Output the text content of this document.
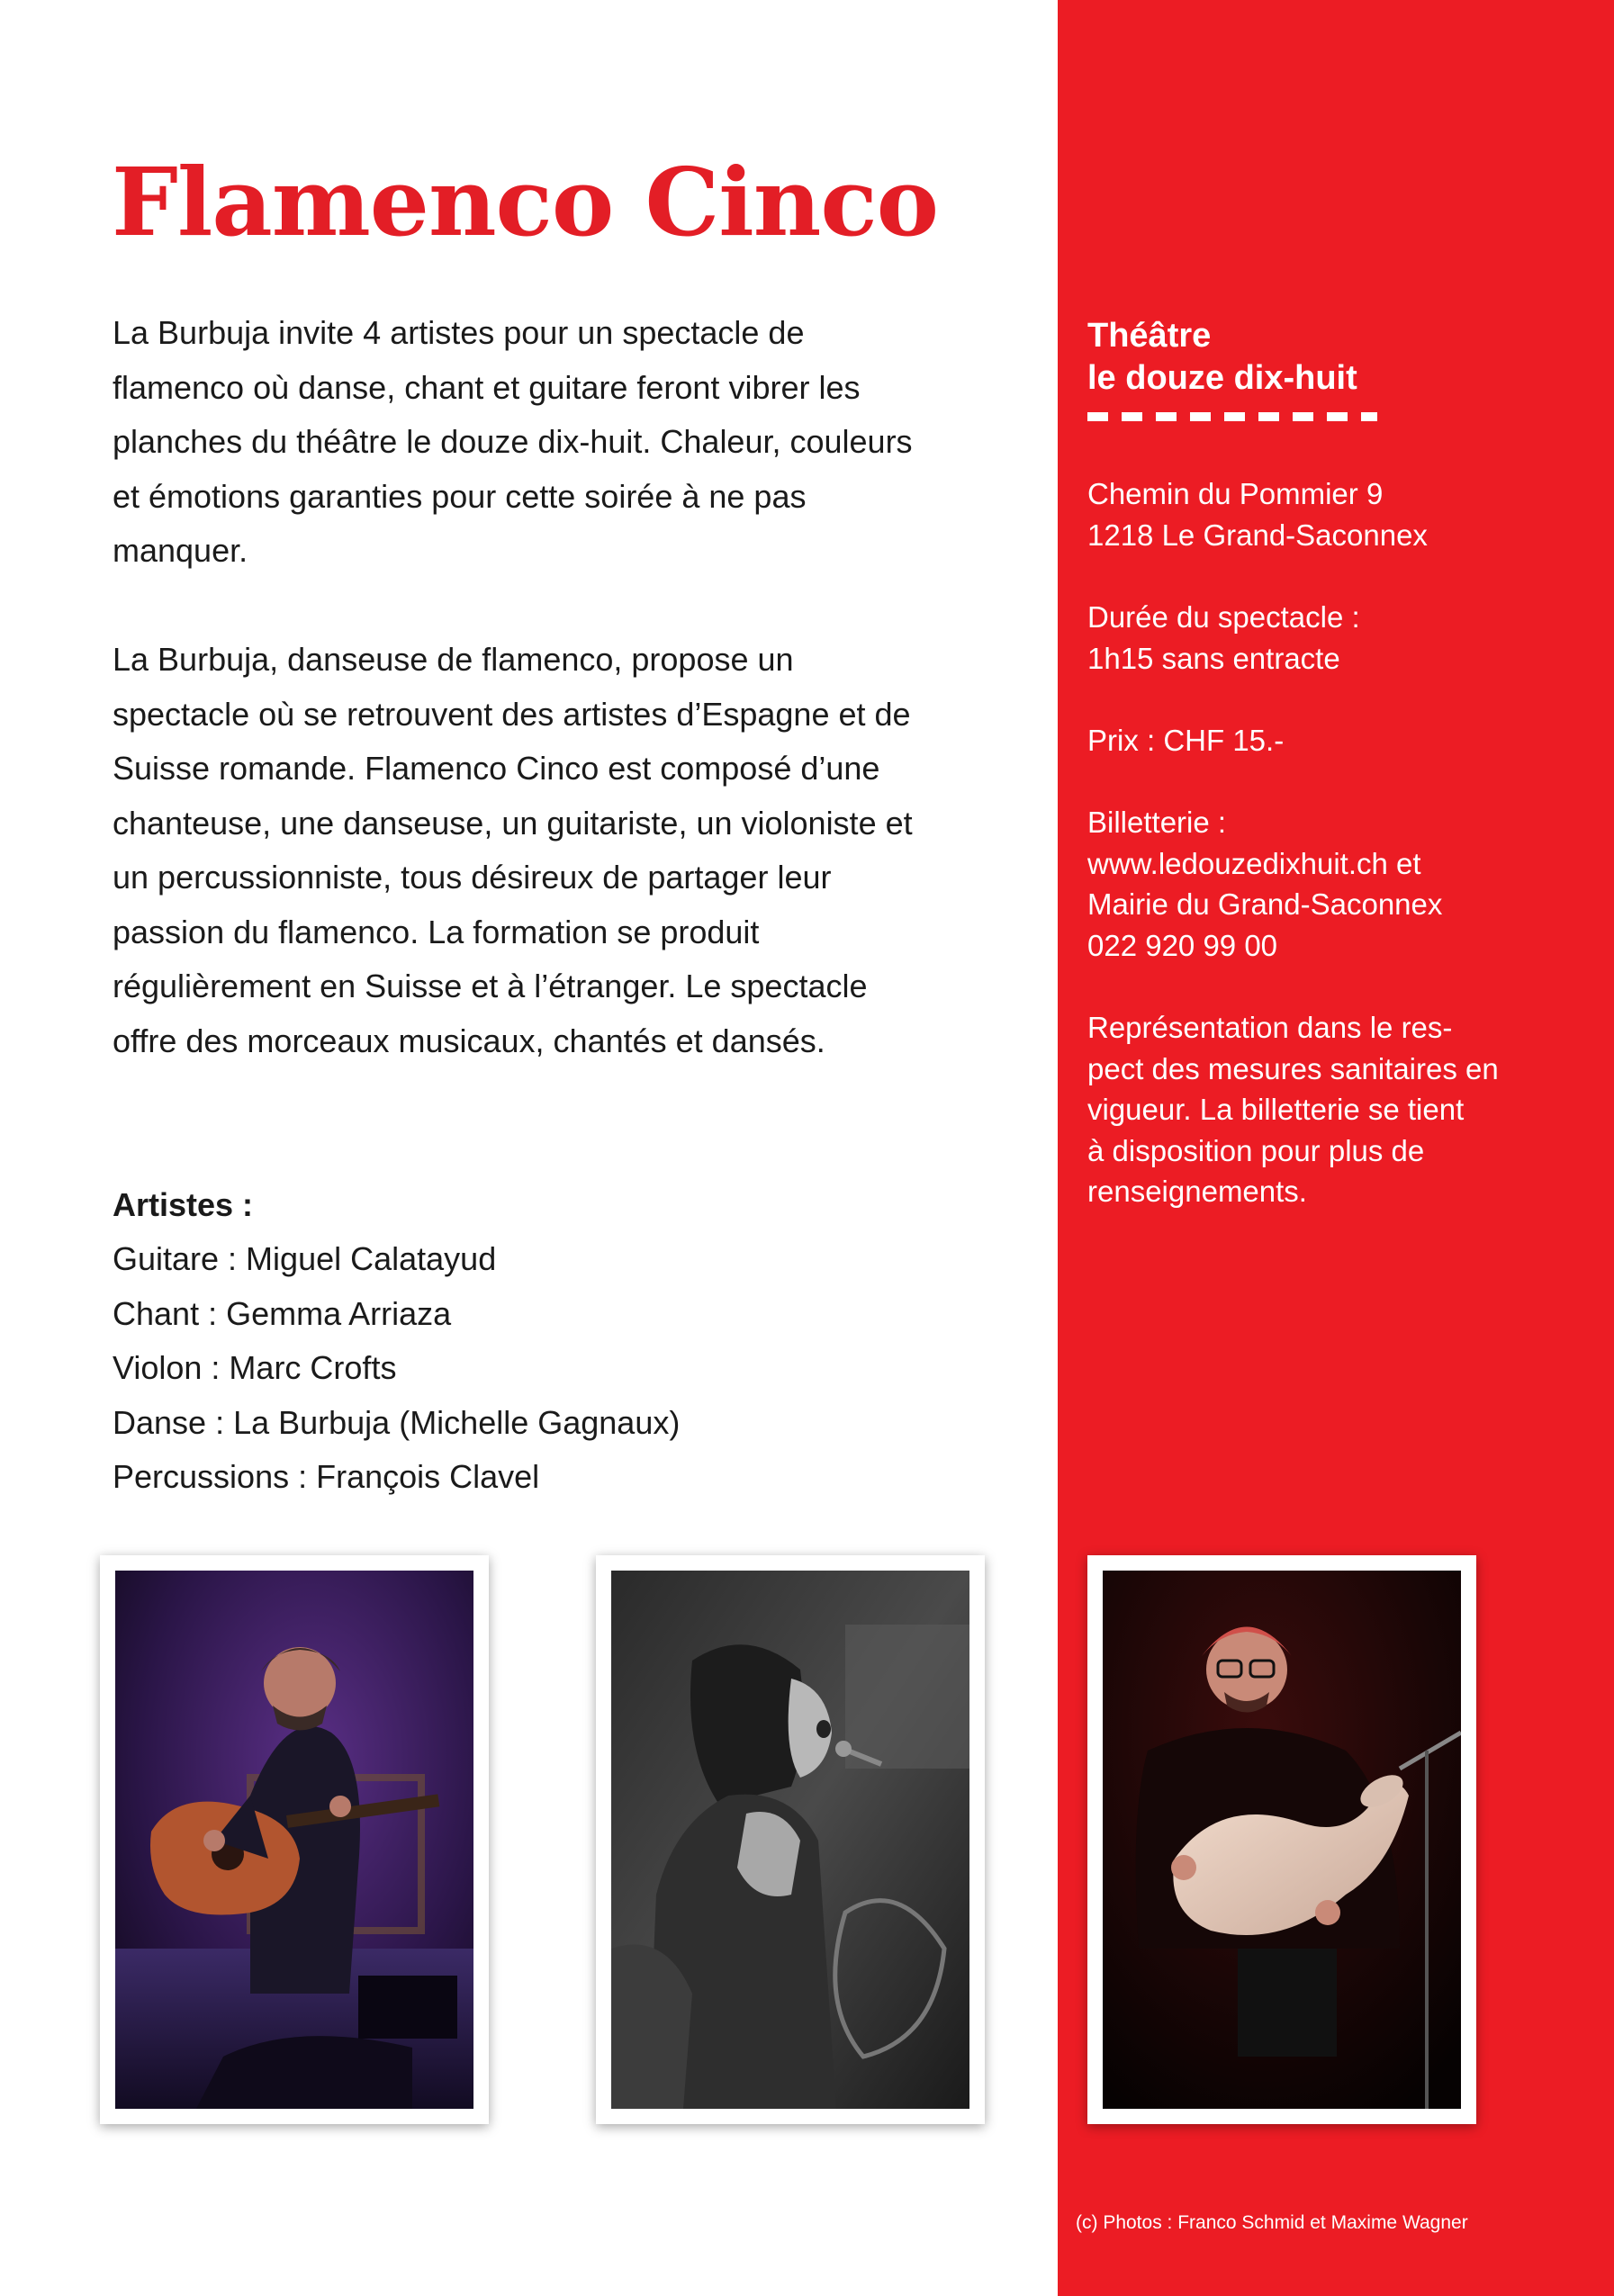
Flamenco Cinco

La Burbuja invite 4 artistes pour un spectacle de flamenco où danse, chant et guitare feront vibrer les planches du théâtre le douze dix-huit. Chaleur, couleurs et émotions garanties pour cette soirée à ne pas manquer.

La Burbuja, danseuse de flamenco, propose un spectacle où se retrouvent des artistes d’Espagne et de Suisse romande. Flamenco Cinco est composé d’une chanteuse, une danseuse, un guitariste, un violoniste et un percussionniste, tous désireux de partager leur passion du flamenco. La formation se produit régulièrement en Suisse et à l’étranger. Le spectacle offre des morceaux musicaux, chantés et dansés.

Artistes :
Guitare : Miguel Calatayud
Chant : Gemma Arriaza
Violon : Marc Crofts
Danse : La Burbuja (Michelle Gagnaux)
Percussions : François Clavel
Théâtre
le douze dix-huit

Chemin du Pommier 9
1218 Le Grand-Saconnex

Durée du spectacle :
1h15 sans entracte

Prix : CHF 15.-

Billetterie :
www.ledouzedixhuit.ch et
Mairie du Grand-Saconnex
022 920 99 00

Représentation dans le res-
pect des mesures sanitaires en
vigueur. La billetterie se tient
à disposition pour plus de
renseignements.

(c) Photos : Franco Schmid et Maxime Wagner
